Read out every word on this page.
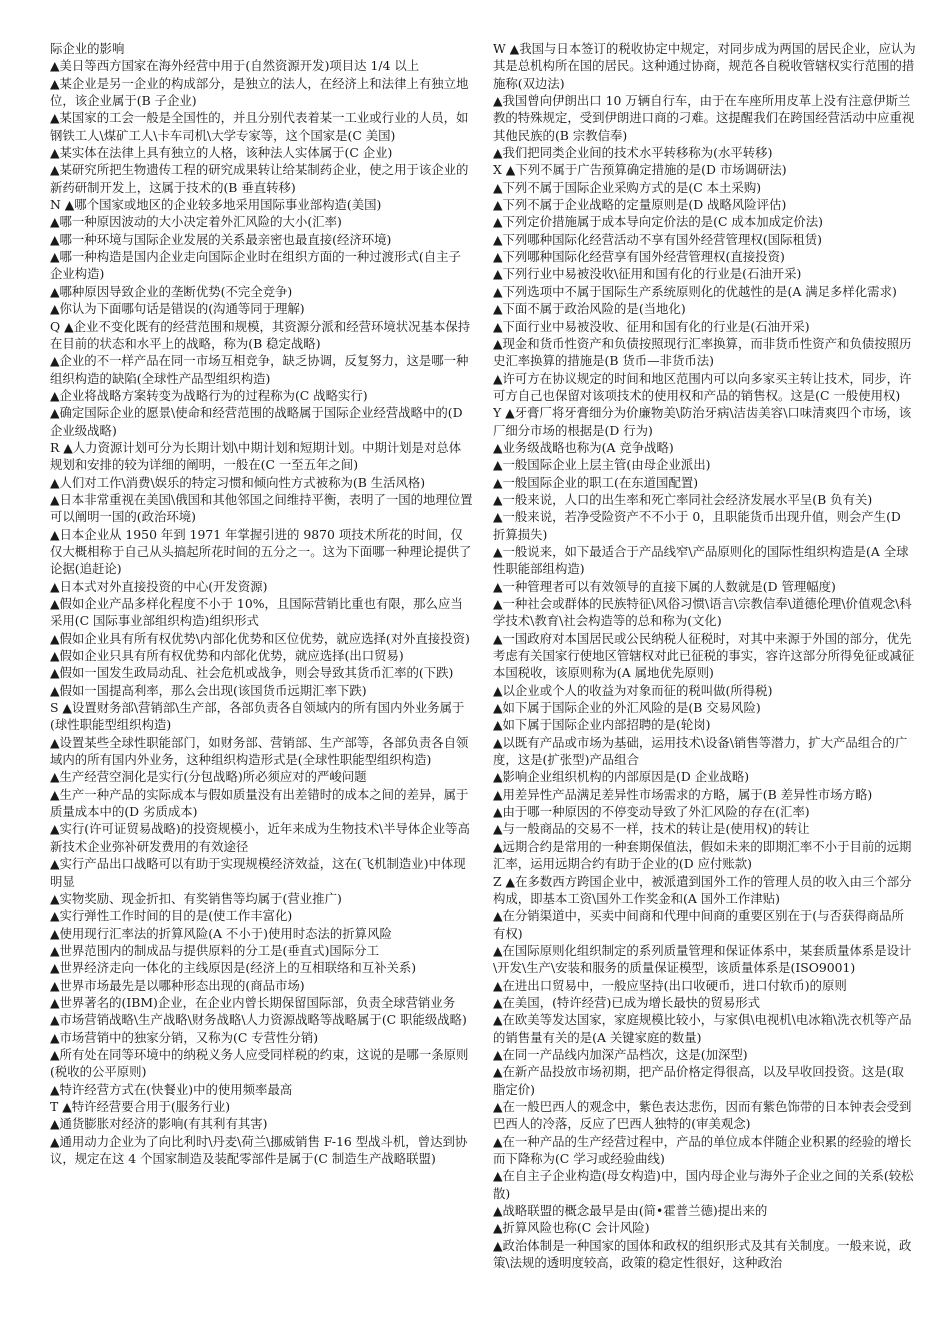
际企业的影响

▲美日等西方国家在海外经营中用于(自然资源开发)项目达 1/4 以上

▲某企业是另一企业的构成部分，是独立的法人，在经济上和法律上有独立地位，该企业属于(B 子企业)

▲某国家的工会一般是全国性的，并且分别代表着某一工业或行业的人员，如钢铁工人\煤矿工人\卡车司机\大学专家等，这个国家是(C 美国)

▲某实体在法律上具有独立的人格，该种法人实体属于(C 企业)

▲某研究所把生物遗传工程的研究成果转让给某制药企业，使之用于该企业的新药研制开发上，这属于技术的(B 垂直转移)

N ▲哪个国家或地区的企业较多地采用国际事业部构造(美国)

▲哪一种原因波动的大小决定着外汇风险的大小(汇率)

▲哪一种环境与国际企业发展的关系最亲密也最直接(经济环境)

▲哪一种构造是国内企业走向国际企业时在组织方面的一种过渡形式(自主子企业构造)

▲哪种原因导致企业的垄断优势(不完全竞争)

▲你认为下面哪句话是错误的(沟通等同于理解)

Q ▲企业不变化既有的经营范围和规模，其资源分派和经营环境状况基本保持在目前的状态和水平上的战略，称为(B 稳定战略)

▲企业的不一样产品在同一市场互相竞争，缺乏协调，反复努力，这是哪一种组织构造的缺陷(全球性产品型组织构造)

▲企业将战略方案转变为战略行为的过程称为(C 战略实行)

▲确定国际企业的愿景\使命和经营范围的战略属于国际企业经营战略中的(D 企业级战略)

R ▲人力资源计划可分为长期计划\中期计划和短期计划。中期计划是对总体规划和安排的较为详细的阐明，一般在(C 一至五年之间)

▲人们对工作\消费\娱乐的特定习惯和倾向性方式被称为(B 生活风格)

▲日本非常重视在美国\俄国和其他邻国之间维持平衡，表明了一国的地理位置可以阐明一国的(政治环境)

▲日本企业从 1950 年到 1971 年掌握引进的 9870 项技术所花的时间，仅仅大概相称于自己从头搞起所花时间的五分之一。这为下面哪一种理论提供了论据(追赶论)

▲日本式对外直接投资的中心(开发资源)

▲假如企业产品多样化程度不小于 10%，且国际营销比重也有限，那么应当采用(C 国际事业部组织构造)组织形式

▲假如企业具有所有权优势\内部化优势和区位优势，就应选择(对外直接投资)

▲假如企业只具有所有权优势和内部化优势，就应选择(出口贸易)

▲假如一国发生政局动乱、社会危机或战争，则会导致其货币汇率的(下跌)

▲假如一国提高利率，那么会出现(该国货币远期汇率下跌)

S ▲设置财务部\营销部\生产部，各部负责各自领域内的所有国内外业务属于(球性职能型组织构造)

▲设置某些全球性职能部门，如财务部、营销部、生产部等，各部负责各自领域内的所有国内外业务，这种组织构造形式是(全球性职能型组织构造)

▲生产经营空洞化是实行(分包战略)所必须应对的严峻问题

▲生产一种产品的实际成本与假如质量没有出差错时的成本之间的差异，属于质量成本中的(D 劣质成本)

▲实行(许可证贸易战略)的投资规模小，近年来成为生物技术\半导体企业等高新技术企业弥补研发费用的有效途径

▲实行产品出口战略可以有助于实现规模经济效益，这在(飞机制造业)中体现明显

▲实物奖励、现金折扣、有奖销售等均属于(营业推广)

▲实行弹性工作时间的目的是(使工作丰富化)

▲使用现行汇率法的折算风险(A 不小于)使用时态法的折算风险

▲世界范围内的制成品与提供原料的分工是(垂直式)国际分工

▲世界经济走向一体化的主线原因是(经济上的互相联络和互补关系)

▲世界市场最先是以哪种形态出现的(商品市场)

▲世界著名的(IBM)企业，在企业内曾长期保留国际部，负责全球营销业务

▲市场营销战略\生产战略\财务战略\人力资源战略等战略属于(C 职能级战略)

▲市场营销中的独家分销，又称为(C 专营性分销)

▲所有处在同等环境中的纳税义务人应受同样税的约束，这说的是哪一条原则(税收的公平原则)

▲特许经营方式在(快餐业)中的使用频率最高

T ▲特许经营要合用于(服务行业)

▲通货膨胀对经济的影响(有其利有其害)

▲通用动力企业为了向比利时\丹麦\荷兰\挪威销售 F-16 型战斗机，曾达到协议，规定在这 4 个国家制造及装配零部件是属于(C 制造生产战略联盟)

W ▲我国与日本签订的税收协定中规定，对同步成为两国的居民企业，应认为其是总机构所在国的居民。这种通过协商，规范各自税收管辖权实行范围的措施称(双边法)

▲我国曾向伊朗出口 10 万辆自行车，由于在车座所用皮革上没有注意伊斯兰教的特殊规定，受到伊朗进口商的刁难。这提醒我们在跨国经营活动中应重视其他民族的(B 宗教信奉)

▲我们把同类企业间的技术水平转移称为(水平转移)

X ▲下列不属于广告预算确定措施的是(D 市场调研法)

▲下列不属于国际企业采购方式的是(C 本土采购)

▲下列不属于企业战略的定量原则是(D 战略风险评估)

▲下列定价措施属于成本导向定价法的是(C 成本加成定价法)

▲下列哪种国际化经营活动不享有国外经营管理权(国际租赁)

▲下列哪种国际化经营享有国外经营管理权(直接投资)

▲下列行业中易被没收\征用和国有化的行业是(石油开采)

▲下列选项中不属于国际生产系统原则化的优越性的是(A 满足多样化需求)

▲下面不属于政治风险的是(当地化)

▲下面行业中易被没收、征用和国有化的行业是(石油开采)

▲现金和货币性资产和负债按照现行汇率换算，而非货币性资产和负债按照历史汇率换算的措施是(B 货币—非货币法)

▲许可方在协议规定的时间和地区范围内可以向多家买主转让技术，同步，许可方自己也保留对该项技术的使用权和产品的销售权。这是(C 一般使用权)

Y ▲牙膏厂将牙膏细分为价廉物美\防治牙病\洁齿美容\口味清爽四个市场，该厂细分市场的根据是(D 行为)

▲业务级战略也称为(A 竞争战略)

▲一般国际企业上层主管(由母企业派出)

▲一般国际企业的职工(在东道国配置)

▲一般来说，人口的出生率和死亡率同社会经济发展水平呈(B 负有关)

▲一般来说，若净受险资产不不小于 0，且职能货币出现升值，则会产生(D 折算损失)

▲一般说来，如下最适合于产品线窄\产品原则化的国际性组织构造是(A 全球性职能部组构造)

▲一种管理者可以有效领导的直接下属的人数就是(D 管理幅度)

▲一种社会或群体的民族特征\风俗习惯\语言\宗教信奉\道德伦理\价值观念\科学技术\教育\社会构造等的总和称为(文化)

▲一国政府对本国居民或公民纳税人征税时，对其中来源于外国的部分，优先考虑有关国家行使地区管辖权对此已征税的事实，容许这部分所得免征或减征本国税收，该原则称为(A 属地优先原则)

▲以企业或个人的收益为对象而征的税叫做(所得税)

▲如下属于国际企业的外汇风险的是(B 交易风险)

▲如下属于国际企业内部招聘的是(轮岗)

▲以既有产品或市场为基础，运用技术\设备\销售等潜力，扩大产品组合的广度，这是(扩张型)产品组合

▲影响企业组织机构的内部原因是(D 企业战略)

▲用差异性产品满足差异性市场需求的方略，属于(B 差异性市场方略)

▲由于哪一种原因的不停变动导致了外汇风险的存在(汇率)

▲与一般商品的交易不一样，技术的转让是(使用权)的转让

▲远期合约是常用的一种套期保值法，假如未来的即期汇率不小于目前的远期汇率，运用远期合约有助于企业的(D 应付账款)

Z ▲在多数西方跨国企业中，被派遣到国外工作的管理人员的收入由三个部分构成，即基本工资\国外工作奖金和(A 国外工作津贴)

▲在分销渠道中，买卖中间商和代理中间商的重要区别在于(与否获得商品所有权)

▲在国际原则化组织制定的系列质量管理和保证体系中，某套质量体系是设计\开发\生产\安装和服务的质量保证模型，该质量体系是(ISO9001)

▲在进出口贸易中，一般应坚持(出口收硬币，进口付软币)的原则

▲在美国，(特许经营)已成为增长最快的贸易形式

▲在欧美等发达国家，家庭规模比较小，与家俱\电视机\电冰箱\洗衣机等产品的销售量有关的是(A 关键家庭的数量)

▲在同一产品线内加深产品档次，这是(加深型)

▲在新产品投放市场初期，把产品价格定得很高，以及早收回投资。这是(取脂定价)

▲在一般巴西人的观念中，紫色表达悲伤，因而有紫色饰带的日本钟表会受到巴西人的冷落，反应了巴西人独特的(审美观念)

▲在一种产品的生产经营过程中，产品的单位成本伴随企业积累的经验的增长而下降称为(C 学习或经验曲线)

▲在自主子企业构造(母女构造)中，国内母企业与海外子企业之间的关系(较松散)

▲战略联盟的概念最早是由(简•霍普兰德)提出来的

▲折算风险也称(C 会计风险)

▲政治体制是一种国家的国体和政权的组织形式及其有关制度。一般来说，政策\法规的透明度较高，政策的稳定性很好，这种政治
